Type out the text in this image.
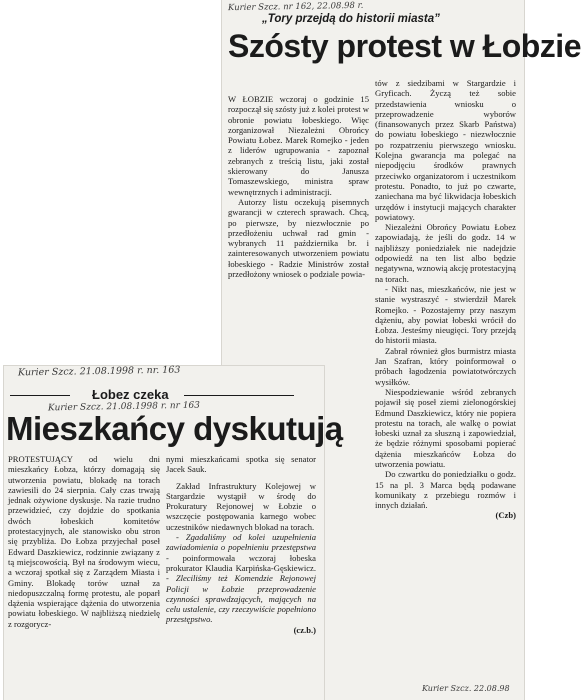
Kurier Szcz. nr 162, 22.08.98 r.
„Tory przejdą do historii miasta”
Szósty protest w Łobzie

W ŁOBZIE wczoraj o godzinie 15 rozpoczął się szósty już z kolei protest w obronie powiatu łobeskiego. Więc zorganizował Niezależni Obrońcy Powiatu Łobez. Marek Romejko - jeden z liderów ugrupowania - zapoznał zebranych z treścią listu, jaki został skierowany do Janusza Tomaszewskiego, ministra spraw wewnętrznych i administracji.

Autorzy listu oczekują pisemnych gwarancji w czterech sprawach. Chcą, po pierwsze, by niezwłocznie po przedłożeniu uchwał rad gmin - wybranych 11 października br. i zainteresowanych utworzeniem powiatu łobeskiego - Radzie Ministrów został przedłożony wniosek o podziale powia-

tów z siedzibami w Stargardzie i Gryficach. Życzą też sobie przedstawienia wniosku o przeprowadzenie wyborów (finansowanych przez Skarb Państwa) do powiatu łobeskiego - niezwłocznie po rozpatrzeniu pierwszego wniosku. Kolejna gwarancja ma polegać na niepodjęciu środków prawnych przeciwko organizatorom i uczestnikom protestu. Ponadto, to już po czwarte, zaniechana ma być likwidacja łobeskich urzędów i instytucji mających charakter powiatowy.

Niezależni Obrońcy Powiatu Łobez zapowiadają, że jeśli do godz. 14 w najbliższy poniedziałek nie nadejdzie odpowiedź na ten list albo będzie negatywna, wznowią akcję protestacyjną na torach.

- Nikt nas, mieszkańców, nie jest w stanie wystraszyć - stwierdził Marek Romejko. - Pozostajemy przy naszym dążeniu, aby powiat łobeski wrócił do Łobza. Jesteśmy nieugięci. Tory przejdą do historii miasta.

Zabrał również głos burmistrz miasta Jan Szafran, który poinformował o próbach łagodzenia powiatotwórczych wysiłków.

Niespodziewanie wśród zebranych pojawił się poseł ziemi zielonogórskiej Edmund Daszkiewicz, który nie popiera protestu na torach, ale walkę o powiat łobeski uznał za słuszną i zapowiedział, że będzie różnymi sposobami popierać dążenia mieszkańców Łobza do utworzenia powiatu.

Do czwartku do poniedziałku o godz. 15 na pl. 3 Marca będą podawane komunikaty z przebiegu rozmów i innych działań.

(Czb)
Kurier Szcz. 22.08.98
Kurier Szcz. 21.08.1998 r. nr. 163
Kurier Szcz. 21.08.1998 r. nr 163
Łobez czeka
Mieszkańcy dyskutują

PROTESTUJĄCY od wielu dni mieszkańcy Łobza, którzy domagają się utworzenia powiatu, blokadę na torach zawiesili do 24 sierpnia. Cały czas trwają jednak ożywione dyskusje. Na razie trudno przewidzieć, czy dojdzie do spotkania dwóch łobeskich komitetów protestacyjnych, ale stanowisko obu stron się przybliża. Do Łobza przyjechał poseł Edward Daszkiewicz, rodzinnie związany z tą miejscowością. Był na środowym wiecu, a wczoraj spotkał się z Zarządem Miasta i Gminy. Blokadę torów uznał za niedopuszczalną formę protestu, ale poparł dążenia wspierające dążenia do utworzenia powiatu łobeskiego. W najbliższą niedzielę z rozgorycz-

nymi mieszkańcami spotka się senator Jacek Sauk.

Zakład Infrastruktury Kolejowej w Stargardzie wystąpił w środę do Prokuratury Rejonowej w Łobzie o wszczęcie postępowania karnego wobec uczestników niedawnych blokad na torach.

- Zgadaliśmy od kolei uzupełnienia zawiadomienia o popełnieniu przestępstwa - poinformowała wczoraj łobeska prokurator Klaudia Karpińska-Gęskiewicz. - Zleciliśmy też Komendzie Rejonowej Policji w Łobzie przeprowadzenie czynności sprawdzających, mających na celu ustalenie, czy rzeczywiście popełniono przestępstwo.

(cz.b.)
